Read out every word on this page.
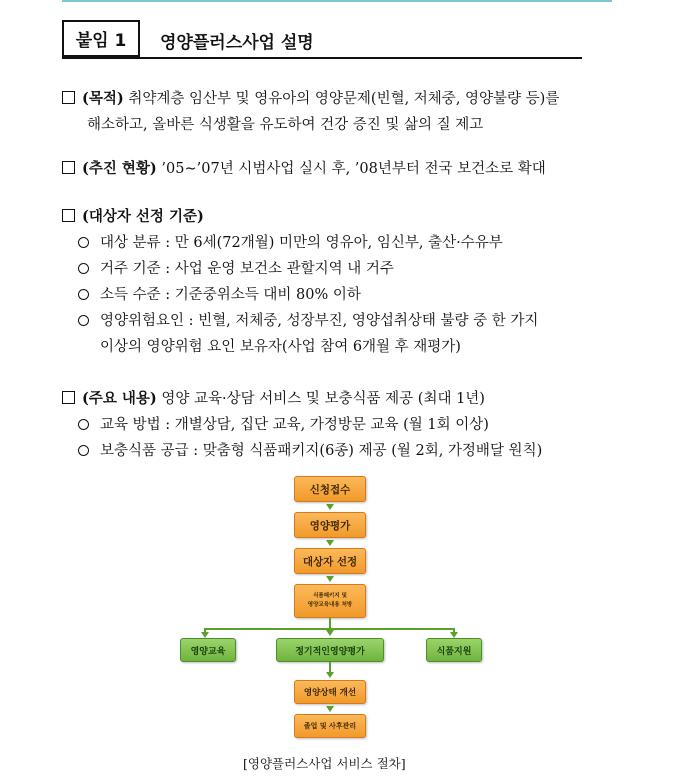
붙임 1	영양플러스사업 설명
(목적) 취약계층 임산부 및 영유아의 영양문제(빈혈, 저체중, 영양불량 등)를
해소하고, 올바른 식생활을 유도하여 건강 증진 및 삶의 질 제고
(추진 현황) ’05∼’07년 시범사업 실시 후, ’08년부터 전국 보건소로 확대
(대상자 선정 기준)
대상 분류 : 만 6세(72개월) 미만의 영유아, 임신부, 출산·수유부
거주 기준 : 사업 운영 보건소 관할지역 내 거주
소득 수준 : 기준중위소득 대비 80% 이하
영양위험요인 : 빈혈, 저체중, 성장부진, 영양섭취상태 불량 중 한 가지
이상의 영양위험 요인 보유자(사업 참여 6개월 후 재평가)
(주요 내용) 영양 교육·상담 서비스 및 보충식품 제공 (최대 1년)
교육 방법 : 개별상담, 집단 교육, 가정방문 교육 (월 1회 이상)
보충식품 공급 : 맞춤형 식품패키지(6종) 제공 (월 2회, 가정배달 원칙)
신청접수
영양평가
대상자 선정
식품패키지 및
영양교육내용 처방
영양교육	정기적인영양평가	식품지원
영양상태 개선
졸업 및 사후관리
[영양플러스사업 서비스 절차]
